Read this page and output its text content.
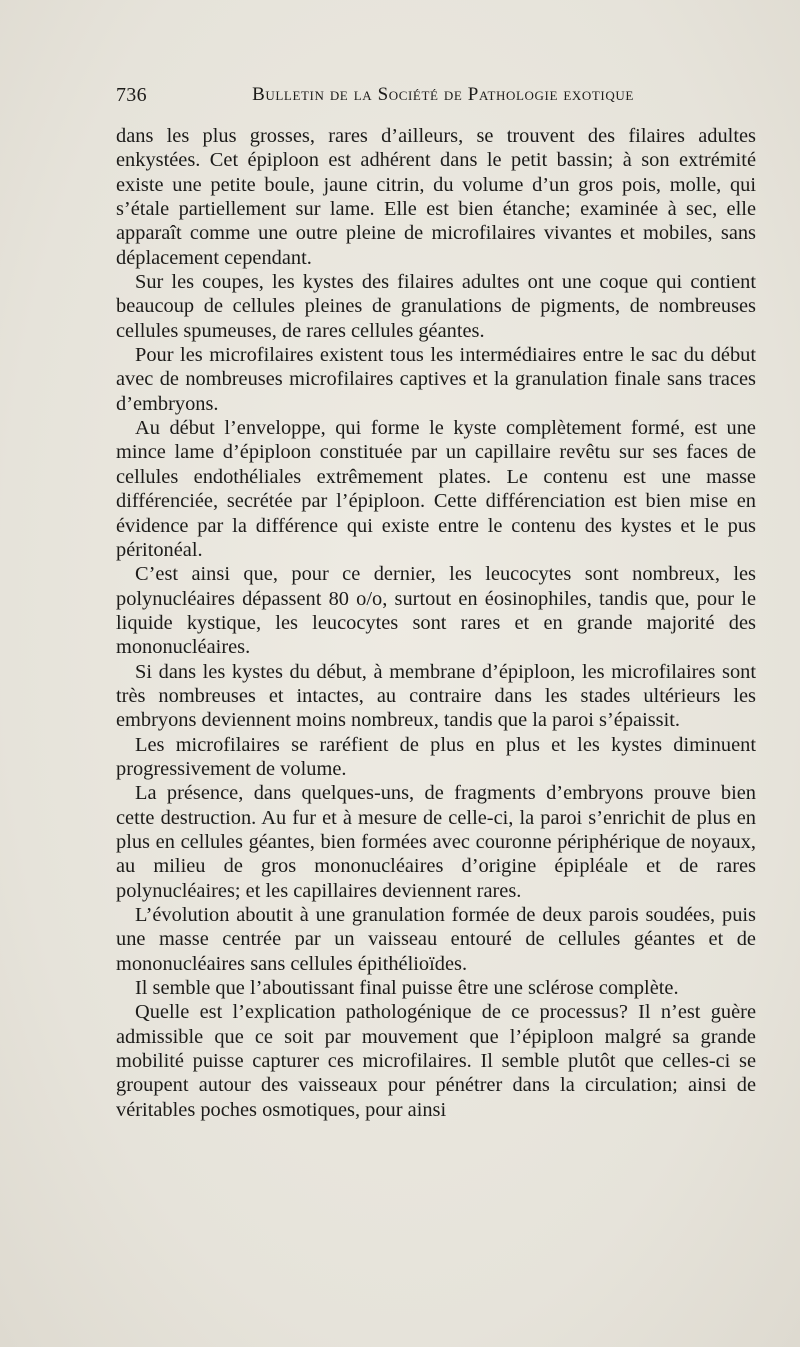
736	Bulletin de la Société de Pathologie exotique

dans les plus grosses, rares d’ailleurs, se trouvent des filaires adultes enkystées. Cet épiploon est adhérent dans le petit bassin; à son extrémité existe une petite boule, jaune citrin, du volume d’un gros pois, molle, qui s’étale partiellement sur lame. Elle est bien étanche; examinée à sec, elle apparaît comme une outre pleine de microfilaires vivantes et mobiles, sans déplacement cependant.

Sur les coupes, les kystes des filaires adultes ont une coque qui contient beaucoup de cellules pleines de granulations de pigments, de nombreuses cellules spumeuses, de rares cellules géantes.

Pour les microfilaires existent tous les intermédiaires entre le sac du début avec de nombreuses microfilaires captives et la granulation finale sans traces d’embryons.

Au début l’enveloppe, qui forme le kyste complètement formé, est une mince lame d’épiploon constituée par un capillaire revêtu sur ses faces de cellules endothéliales extrêmement plates. Le contenu est une masse différenciée, secrétée par l’épiploon. Cette différenciation est bien mise en évidence par la différence qui existe entre le contenu des kystes et le pus péritonéal.

C’est ainsi que, pour ce dernier, les leucocytes sont nombreux, les polynucléaires dépassent 80 o/o, surtout en éosinophiles, tandis que, pour le liquide kystique, les leucocytes sont rares et en grande majorité des mononucléaires.

Si dans les kystes du début, à membrane d’épiploon, les microfilaires sont très nombreuses et intactes, au contraire dans les stades ultérieurs les embryons deviennent moins nombreux, tandis que la paroi s’épaissit.

Les microfilaires se raréfient de plus en plus et les kystes diminuent progressivement de volume.

La présence, dans quelques-uns, de fragments d’embryons prouve bien cette destruction. Au fur et à mesure de celle-ci, la paroi s’enrichit de plus en plus en cellules géantes, bien formées avec couronne périphérique de noyaux, au milieu de gros mononucléaires d’origine épipléale et de rares polynucléaires; et les capillaires deviennent rares.

L’évolution aboutit à une granulation formée de deux parois soudées, puis une masse centrée par un vaisseau entouré de cellules géantes et de mononucléaires sans cellules épithélioïdes.

Il semble que l’aboutissant final puisse être une sclérose complète.

Quelle est l’explication pathologénique de ce processus? Il n’est guère admissible que ce soit par mouvement que l’épiploon malgré sa grande mobilité puisse capturer ces microfilaires. Il semble plutôt que celles-ci se groupent autour des vaisseaux pour pénétrer dans la circulation; ainsi de véritables poches osmotiques, pour ainsi
